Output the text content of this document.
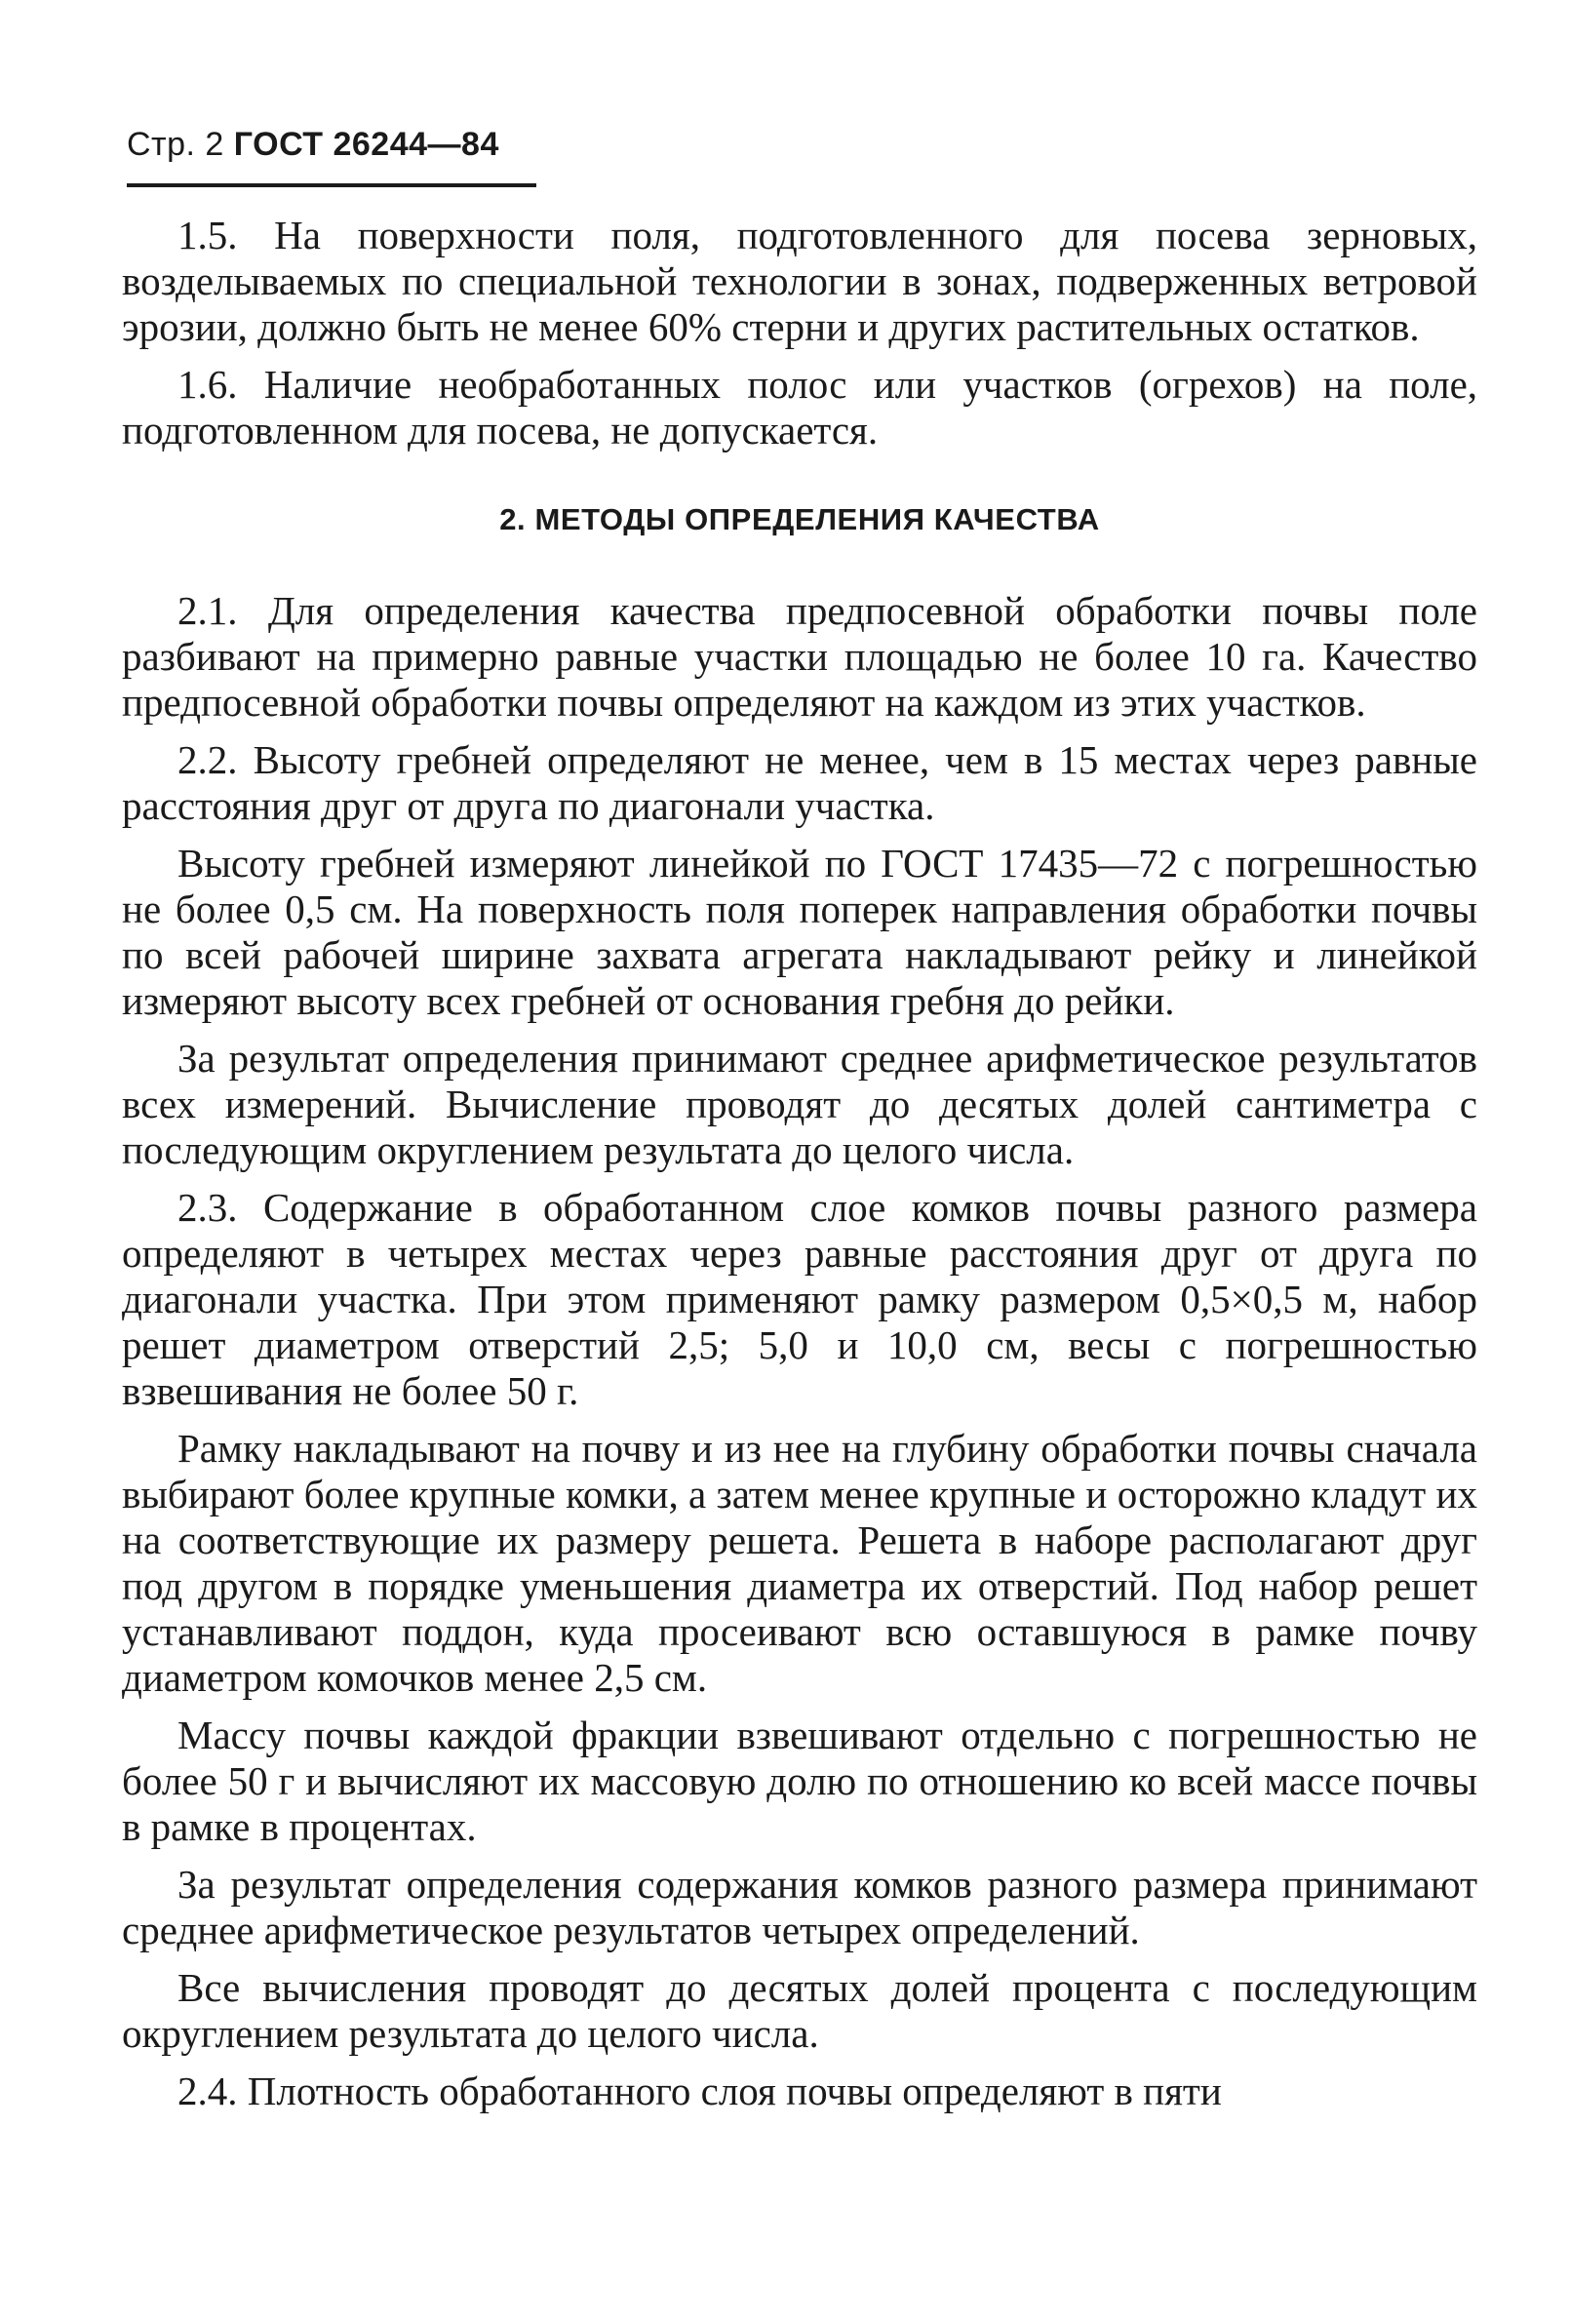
Стр. 2 ГОСТ 26244—84

1.5. На поверхности поля, подготовленного для посева зерновых, возделываемых по специальной технологии в зонах, подверженных ветровой эрозии, должно быть не менее 60% стерни и других растительных остатков.

1.6. Наличие необработанных полос или участков (огрехов) на поле, подготовленном для посева, не допускается.

2. МЕТОДЫ ОПРЕДЕЛЕНИЯ КАЧЕСТВА

2.1. Для определения качества предпосевной обработки почвы поле разбивают на примерно равные участки площадью не более 10 га. Качество предпосевной обработки почвы определяют на каждом из этих участков.

2.2. Высоту гребней определяют не менее, чем в 15 местах через равные расстояния друг от друга по диагонали участка.

Высоту гребней измеряют линейкой по ГОСТ 17435—72 с погрешностью не более 0,5 см. На поверхность поля поперек направления обработки почвы по всей рабочей ширине захвата агрегата накладывают рейку и линейкой измеряют высоту всех гребней от основания гребня до рейки.

За результат определения принимают среднее арифметическое результатов всех измерений. Вычисление проводят до десятых долей сантиметра с последующим округлением результата до целого числа.

2.3. Содержание в обработанном слое комков почвы разного размера определяют в четырех местах через равные расстояния друг от друга по диагонали участка. При этом применяют рамку размером 0,5×0,5 м, набор решет диаметром отверстий 2,5; 5,0 и 10,0 см, весы с погрешностью взвешивания не более 50 г.

Рамку накладывают на почву и из нее на глубину обработки почвы сначала выбирают более крупные комки, а затем менее крупные и осторожно кладут их на соответствующие их размеру решета. Решета в наборе располагают друг под другом в порядке уменьшения диаметра их отверстий. Под набор решет устанавливают поддон, куда просеивают всю оставшуюся в рамке почву диаметром комочков менее 2,5 см.

Массу почвы каждой фракции взвешивают отдельно с погрешностью не более 50 г и вычисляют их массовую долю по отношению ко всей массе почвы в рамке в процентах.

За результат определения содержания комков разного размера принимают среднее арифметическое результатов четырех определений.

Все вычисления проводят до десятых долей процента с последующим округлением результата до целого числа.

2.4. Плотность обработанного слоя почвы определяют в пяти
